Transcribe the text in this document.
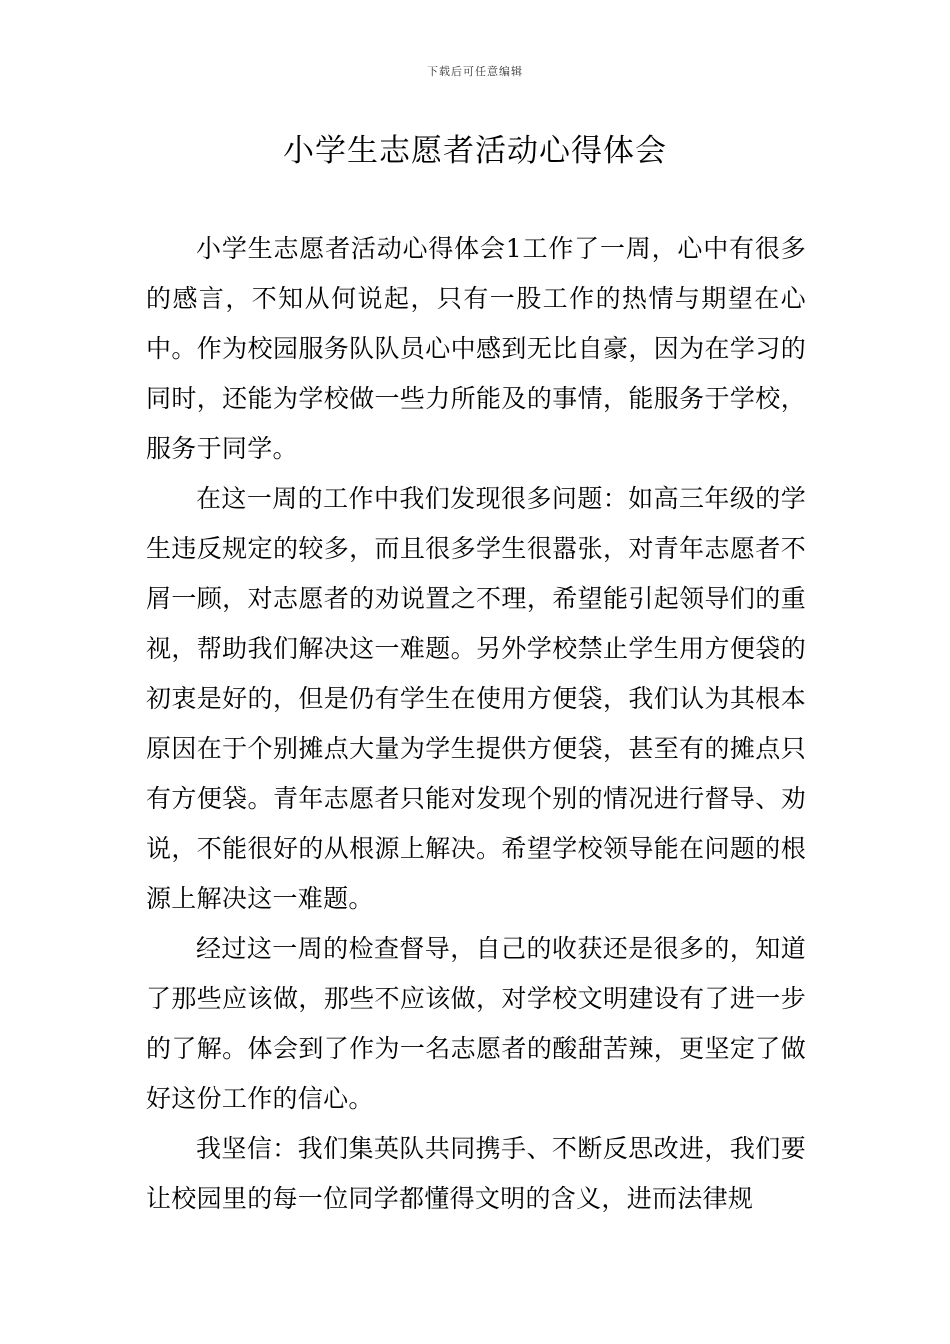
下载后可任意编辑
小学生志愿者活动心得体会

小学生志愿者活动心得体会1工作了一周，心中有很多的感言，不知从何说起，只有一股工作的热情与期望在心中。作为校园服务队队员心中感到无比自豪，因为在学习的同时，还能为学校做一些力所能及的事情，能服务于学校，服务于同学。

在这一周的工作中我们发现很多问题：如高三年级的学生违反规定的较多，而且很多学生很嚣张，对青年志愿者不屑一顾，对志愿者的劝说置之不理，希望能引起领导们的重视，帮助我们解决这一难题。另外学校禁止学生用方便袋的初衷是好的，但是仍有学生在使用方便袋，我们认为其根本原因在于个别摊点大量为学生提供方便袋，甚至有的摊点只有方便袋。青年志愿者只能对发现个别的情况进行督导、劝说，不能很好的从根源上解决。希望学校领导能在问题的根源上解决这一难题。

经过这一周的检查督导，自己的收获还是很多的，知道了那些应该做，那些不应该做，对学校文明建设有了进一步的了解。体会到了作为一名志愿者的酸甜苦辣，更坚定了做好这份工作的信心。

我坚信：我们集英队共同携手、不断反思改进，我们要让校园里的每一位同学都懂得文明的含义，进而法律规
